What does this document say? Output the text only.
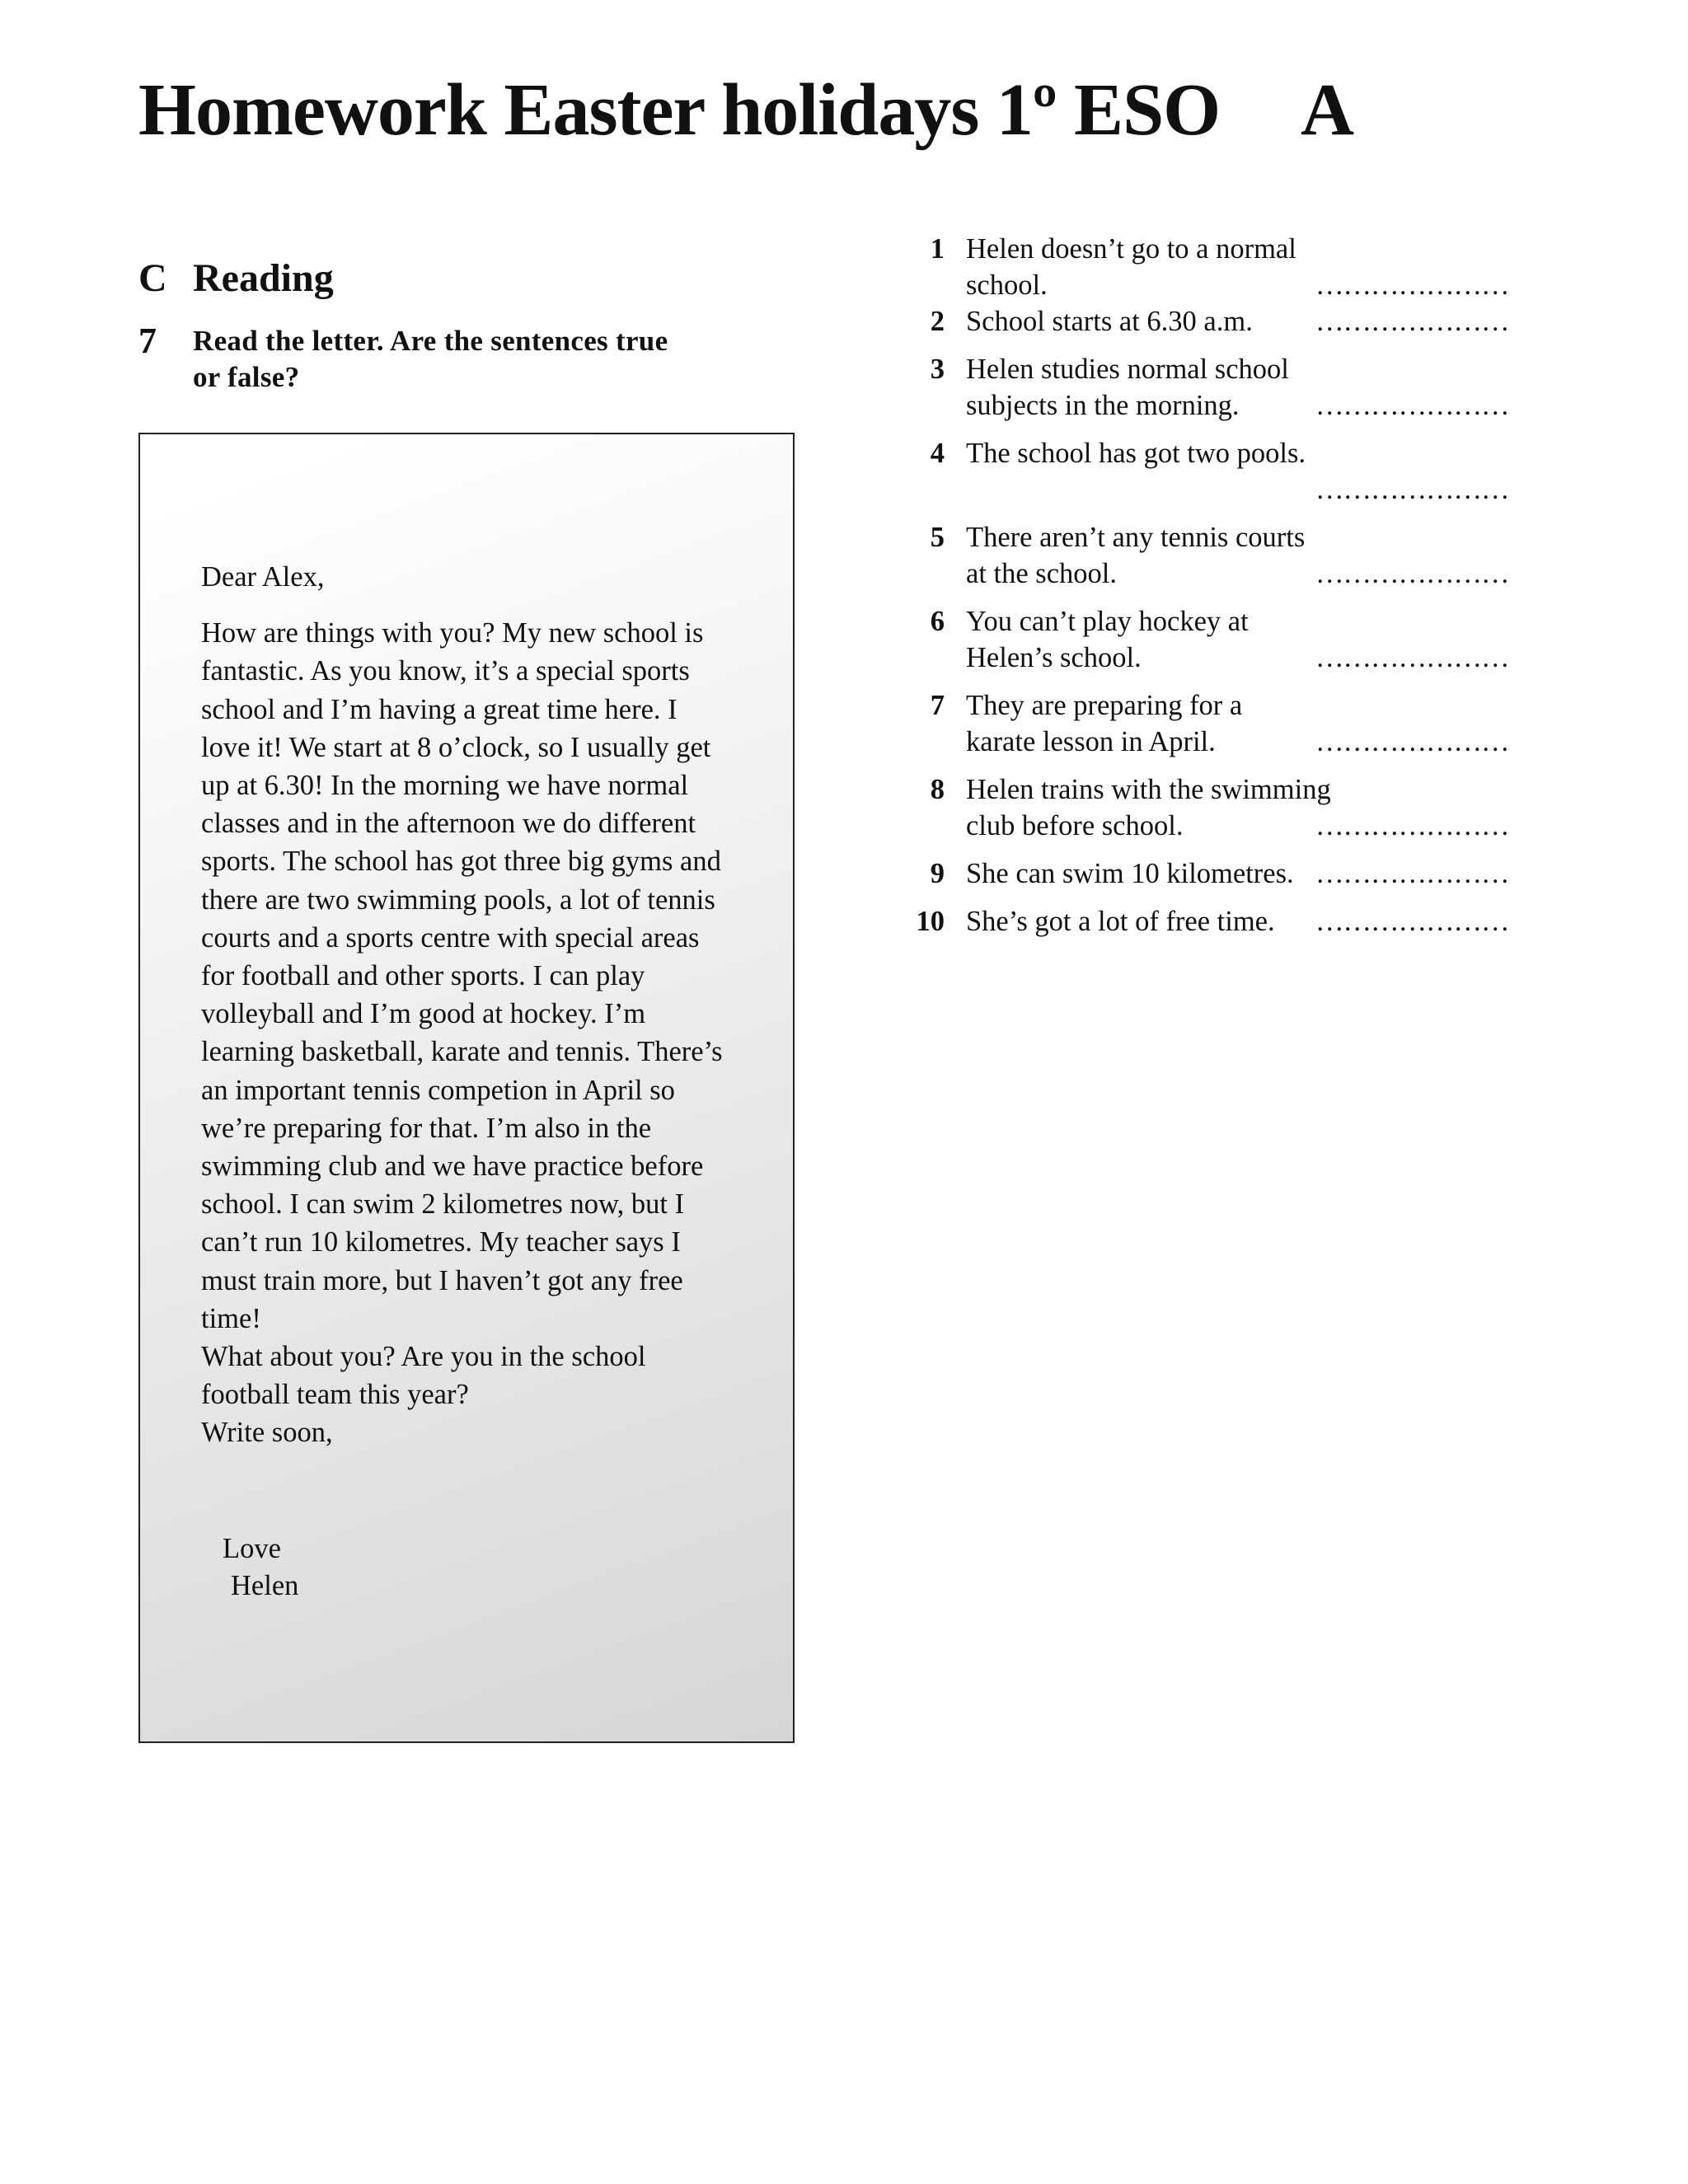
Homework Easter holidays 1º ESO A
C Reading
7 Read the letter. Are the sentences true
or false?

Dear Alex,

How are things with you? My new school is

fantastic. As you know, it’s a special sports

school and I’m having a great time here. I

love it! We start at 8 o’clock, so I usually get

up at 6.30! In the morning we have normal

classes and in the afternoon we do different

sports. The school has got three big gyms and

there are two swimming pools, a lot of tennis

courts and a sports centre with special areas

for football and other sports. I can play

volleyball and I’m good at hockey. I’m

learning basketball, karate and tennis. There’s

an important tennis competion in April so

we’re preparing for that. I’m also in the

swimming club and we have practice before

school. I can swim 2 kilometres now, but I

can’t run 10 kilometres. My teacher says I

must train more, but I haven’t got any free

time!

What about you? Are you in the school

football team this year?

Write soon,

Love
Helen
1 Helen doesn’t go to a normal
school.	…………………
2 School starts at 6.30 a.m.	…………………
3 Helen studies normal school
subjects in the morning.	…………………
4 The school has got two pools.
…………………
5 There aren’t any tennis courts
at the school.	…………………
6 You can’t play hockey at
Helen’s school.	…………………
7 They are preparing for a
karate lesson in April.	…………………
8 Helen trains with the swimming
club before school.	…………………
9 She can swim 10 kilometres. …………………
10 She’s got a lot of free time.	…………………
